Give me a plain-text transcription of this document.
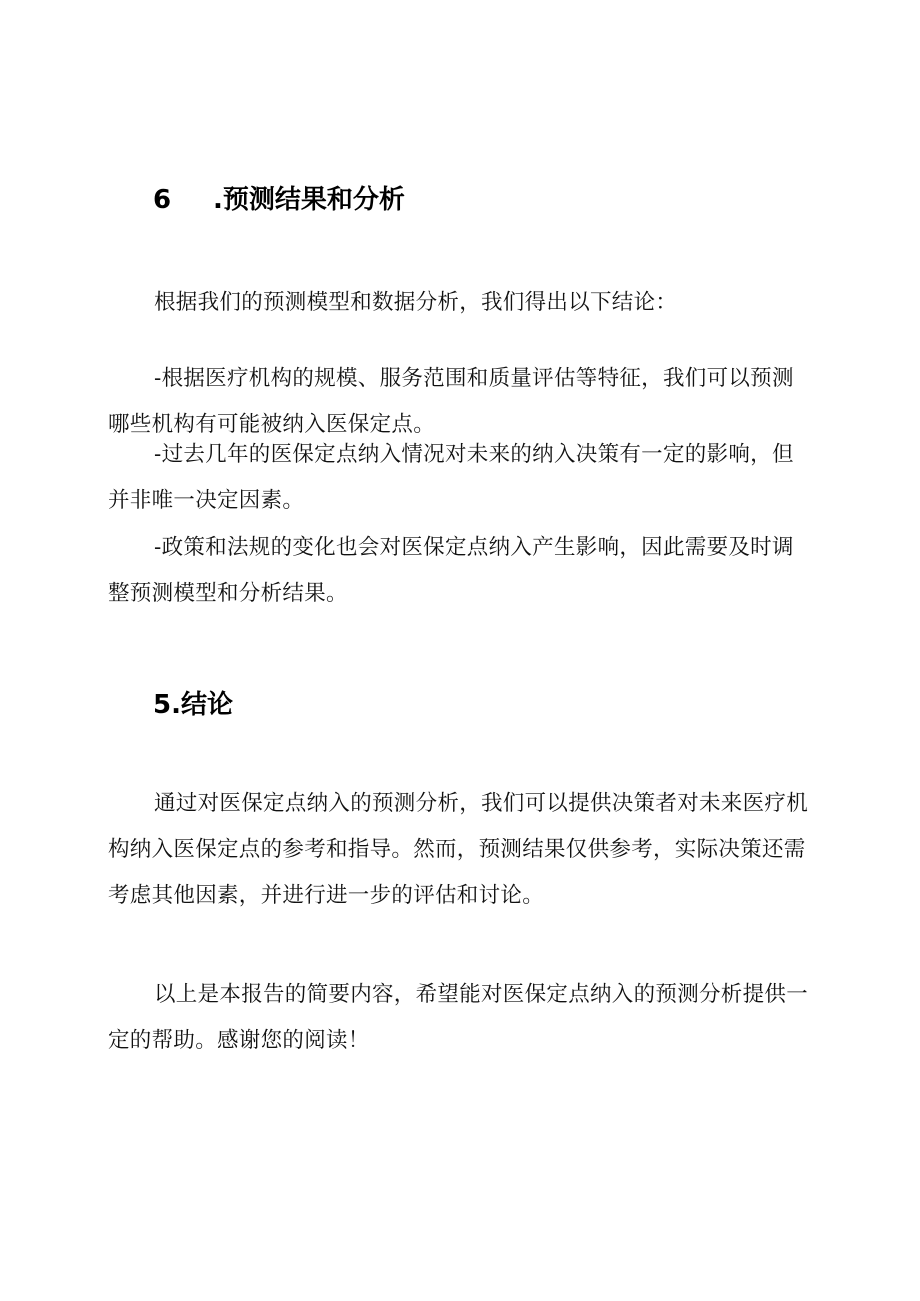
6 .预测结果和分析

根据我们的预测模型和数据分析，我们得出以下结论：

-根据医疗机构的规模、服务范围和质量评估等特征，我们可以预测哪些机构有可能被纳入医保定点。

-过去几年的医保定点纳入情况对未来的纳入决策有一定的影响，但并非唯一决定因素。

-政策和法规的变化也会对医保定点纳入产生影响，因此需要及时调整预测模型和分析结果。

5.结论

通过对医保定点纳入的预测分析，我们可以提供决策者对未来医疗机构纳入医保定点的参考和指导。然而，预测结果仅供参考，实际决策还需考虑其他因素，并进行进一步的评估和讨论。

以上是本报告的简要内容，希望能对医保定点纳入的预测分析提供一定的帮助。感谢您的阅读！
